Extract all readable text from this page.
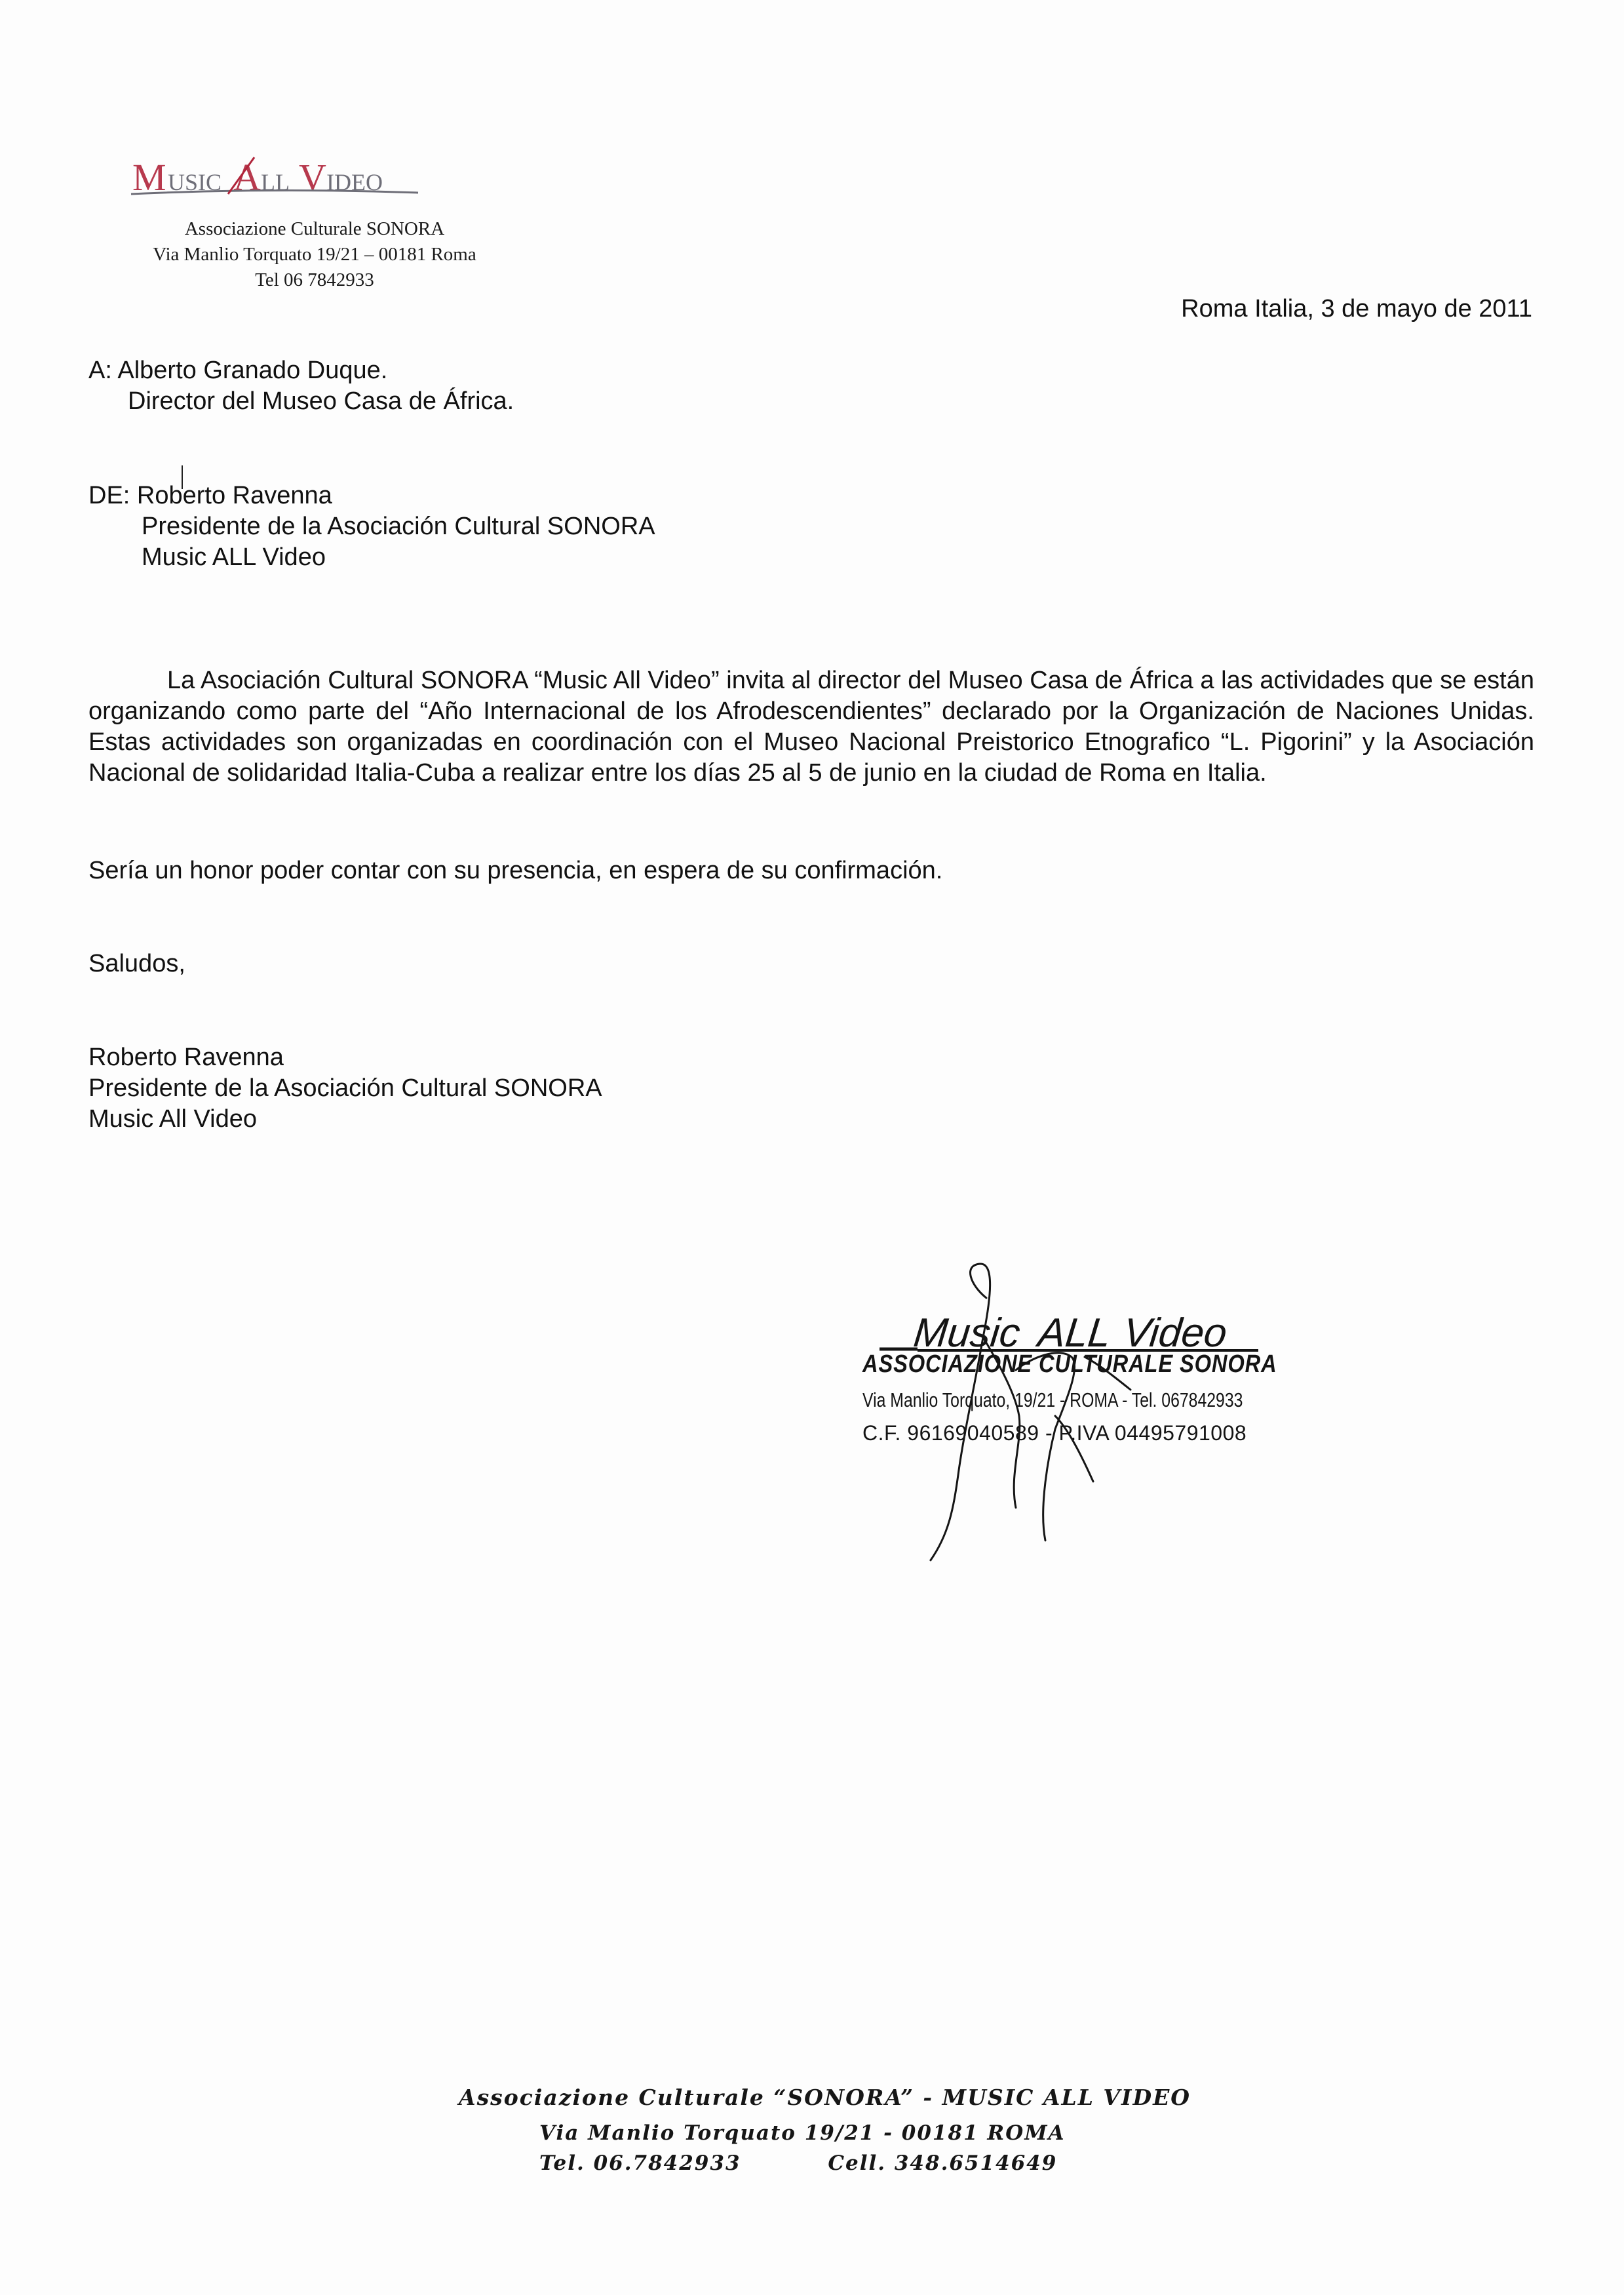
M USIC A LL V IDEO
Associazione Culturale SONORA
Via Manlio Torquato 19/21 – 00181 Roma
Tel 06 7842933
Roma Italia, 3 de mayo de 2011
A: Alberto Granado Duque.
Director del Museo Casa de África.
DE: Roberto Ravenna
Presidente de la Asociación Cultural SONORA
Music ALL Video

La Asociación Cultural SONORA “Music All Video” invita al director del Museo Casa de África a las actividades que se están organizando como parte del “Año Internacional de los Afrodescendientes” declarado por la Organización de Naciones Unidas. Estas actividades son organizadas en coordinación con el Museo Nacional Preistorico Etnografico “L. Pigorini” y la Asociación Nacional de solidaridad Italia-Cuba a realizar entre los días 25 al 5 de junio en la ciudad de Roma en Italia.

Sería un honor poder contar con su presencia, en espera de su confirmación.
Saludos,
Roberto Ravenna
Presidente de la Asociación Cultural SONORA
Music All Video
Music ALL Video
ASSOCIAZIONE CULTURALE SONORA
Via Manlio Torquato, 19/21 - ROMA - Tel. 067842933
C.F. 96169040589 - P.IVA 04495791008
Associazione Culturale “SONORA” - MUSIC ALL VIDEO
Via Manlio Torquato 19/21 - 00181 ROMA
Tel. 06.7842933	Cell. 348.6514649
